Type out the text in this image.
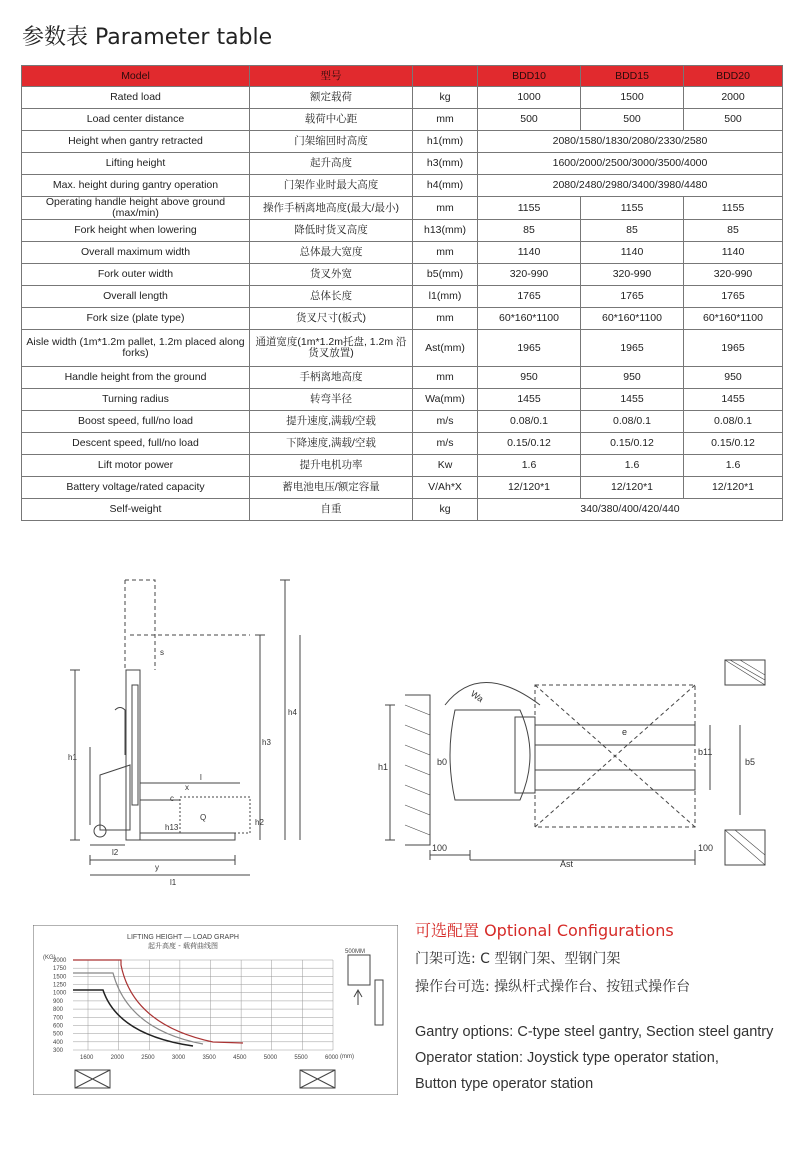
参数表 Parameter table
Model	型号		BDD10	BDD15	BDD20
Rated load	额定载荷	kg	1000	1500	2000
Load center distance	载荷中心距	mm	500	500	500
Height when gantry retracted	门架缩回时高度	h1(mm)	2080/1580/1830/2080/2330/2580		
Lifting height	起升高度	h3(mm)	1600/2000/2500/3000/3500/4000		
Max. height during gantry operation	门架作业时最大高度	h4(mm)	2080/2480/2980/3400/3980/4480		
Operating handle height above ground (max/min)	操作手柄离地高度(最大/最小)	mm	1155	1155	1155
Fork height when lowering	降低时货叉高度	h13(mm)	85	85	85
Overall maximum width	总体最大宽度	mm	1140	1140	1140
Fork outer width	货叉外宽	b5(mm)	320-990	320-990	320-990
Overall length	总体长度	l1(mm)	1765	1765	1765
Fork size (plate type)	货叉尺寸(板式)	mm	60*160*1100	60*160*1100	60*160*1100
Aisle width (1m*1.2m pallet, 1.2m placed along forks)	通道宽度(1m*1.2m托盘, 1.2m 沿货叉放置)	Ast(mm)	1965	1965	1965
Handle height from the ground	手柄离地高度	mm	950	950	950
Turning radius	转弯半径	Wa(mm)	1455	1455	1455
Boost speed, full/no load	提升速度,满载/空载	m/s	0.08/0.1	0.08/0.1	0.08/0.1
Descent speed, full/no load	下降速度,满载/空载	m/s	0.15/0.12	0.15/0.12	0.15/0.12
Lift motor power	提升电机功率	Kw	1.6	1.6	1.6
Battery voltage/rated capacity	蓄电池电压/额定容量	V/Ah*X	12/120*1	12/120*1	12/120*1
Self-weight	自重	kg	340/380/400/420/440		
s
h4
h3
h1
l
x
c
Q
h13
h2
l2
y
l1
Wa
h1	b0
e
b11
b5
100
Ast
100
LIFTING HEIGHT — LOAD GRAPH
起升高度 - 载荷曲线图
(KG)
2000
1750
1500
1250
1000
900
800
700
600
500
400
300
1600	2000	2500	3000	3500	4500	5000	5500	6000 (mm)
500MM
可选配置 Optional Configurations
门架可选: C 型钢门架、型钢门架
操作台可选: 操纵杆式操作台、按钮式操作台
Gantry options: C-type steel gantry, Section steel gantry
Operator station: Joystick type operator station,
Button type operator station
